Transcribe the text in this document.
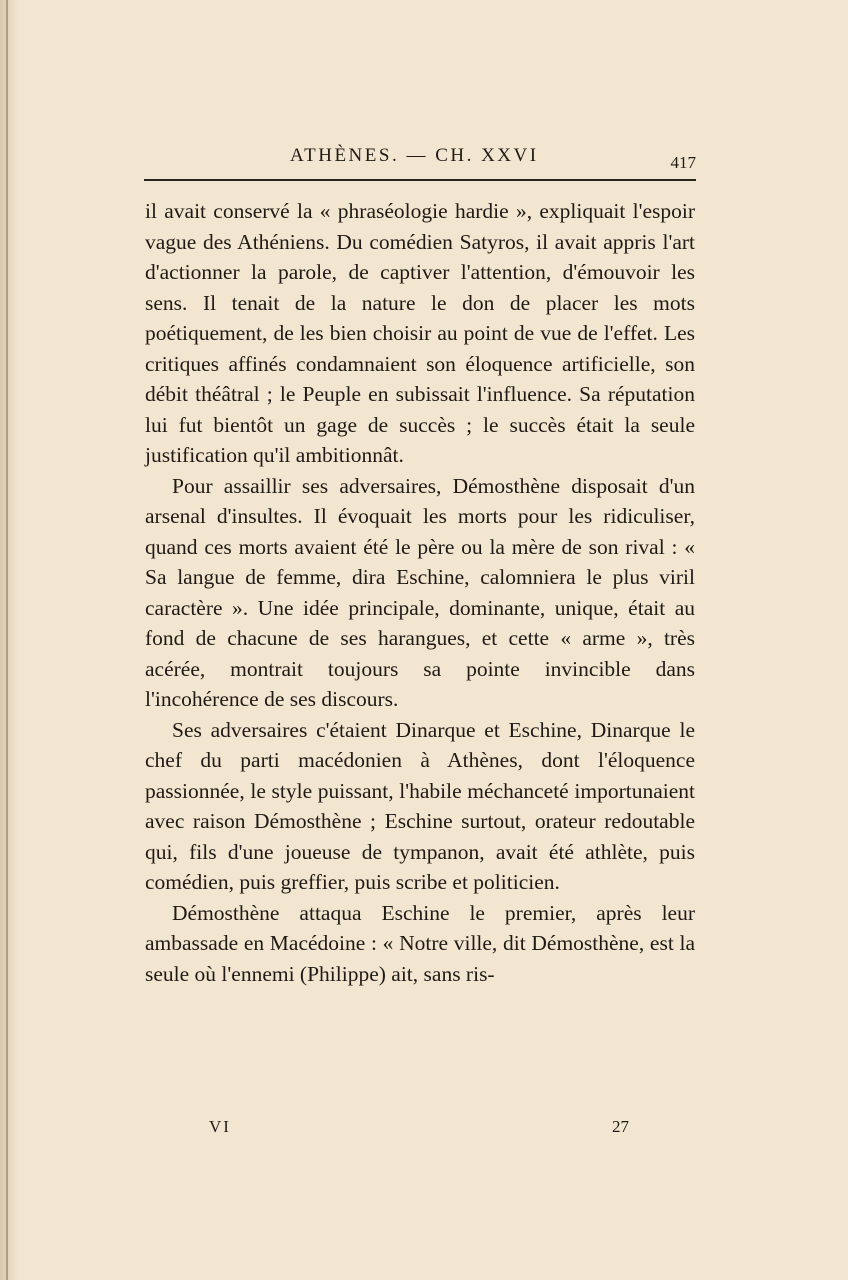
ATHÈNES. — CH. XXVI	417

il avait conservé la « phraséologie hardie », expliquait l'espoir vague des Athéniens. Du comédien Satyros, il avait appris l'art d'actionner la parole, de captiver l'attention, d'émouvoir les sens. Il tenait de la nature le don de placer les mots poétiquement, de les bien choisir au point de vue de l'effet. Les critiques affinés condamnaient son éloquence artificielle, son débit théâtral ; le Peuple en subissait l'influence. Sa réputation lui fut bientôt un gage de succès ; le succès était la seule justification qu'il ambitionnât.

Pour assaillir ses adversaires, Démosthène disposait d'un arsenal d'insultes. Il évoquait les morts pour les ridiculiser, quand ces morts avaient été le père ou la mère de son rival : « Sa langue de femme, dira Eschine, calomniera le plus viril caractère ». Une idée principale, dominante, unique, était au fond de chacune de ses harangues, et cette « arme », très acérée, montrait toujours sa pointe invincible dans l'incohérence de ses discours.

Ses adversaires c'étaient Dinarque et Eschine, Dinarque le chef du parti macédonien à Athènes, dont l'éloquence passionnée, le style puissant, l'habile méchanceté importunaient avec raison Démosthène ; Eschine surtout, orateur redoutable qui, fils d'une joueuse de tympanon, avait été athlète, puis comédien, puis greffier, puis scribe et politicien.

Démosthène attaqua Eschine le premier, après leur ambassade en Macédoine : « Notre ville, dit Démosthène, est la seule où l'ennemi (Philippe) ait, sans ris-

VI	27
